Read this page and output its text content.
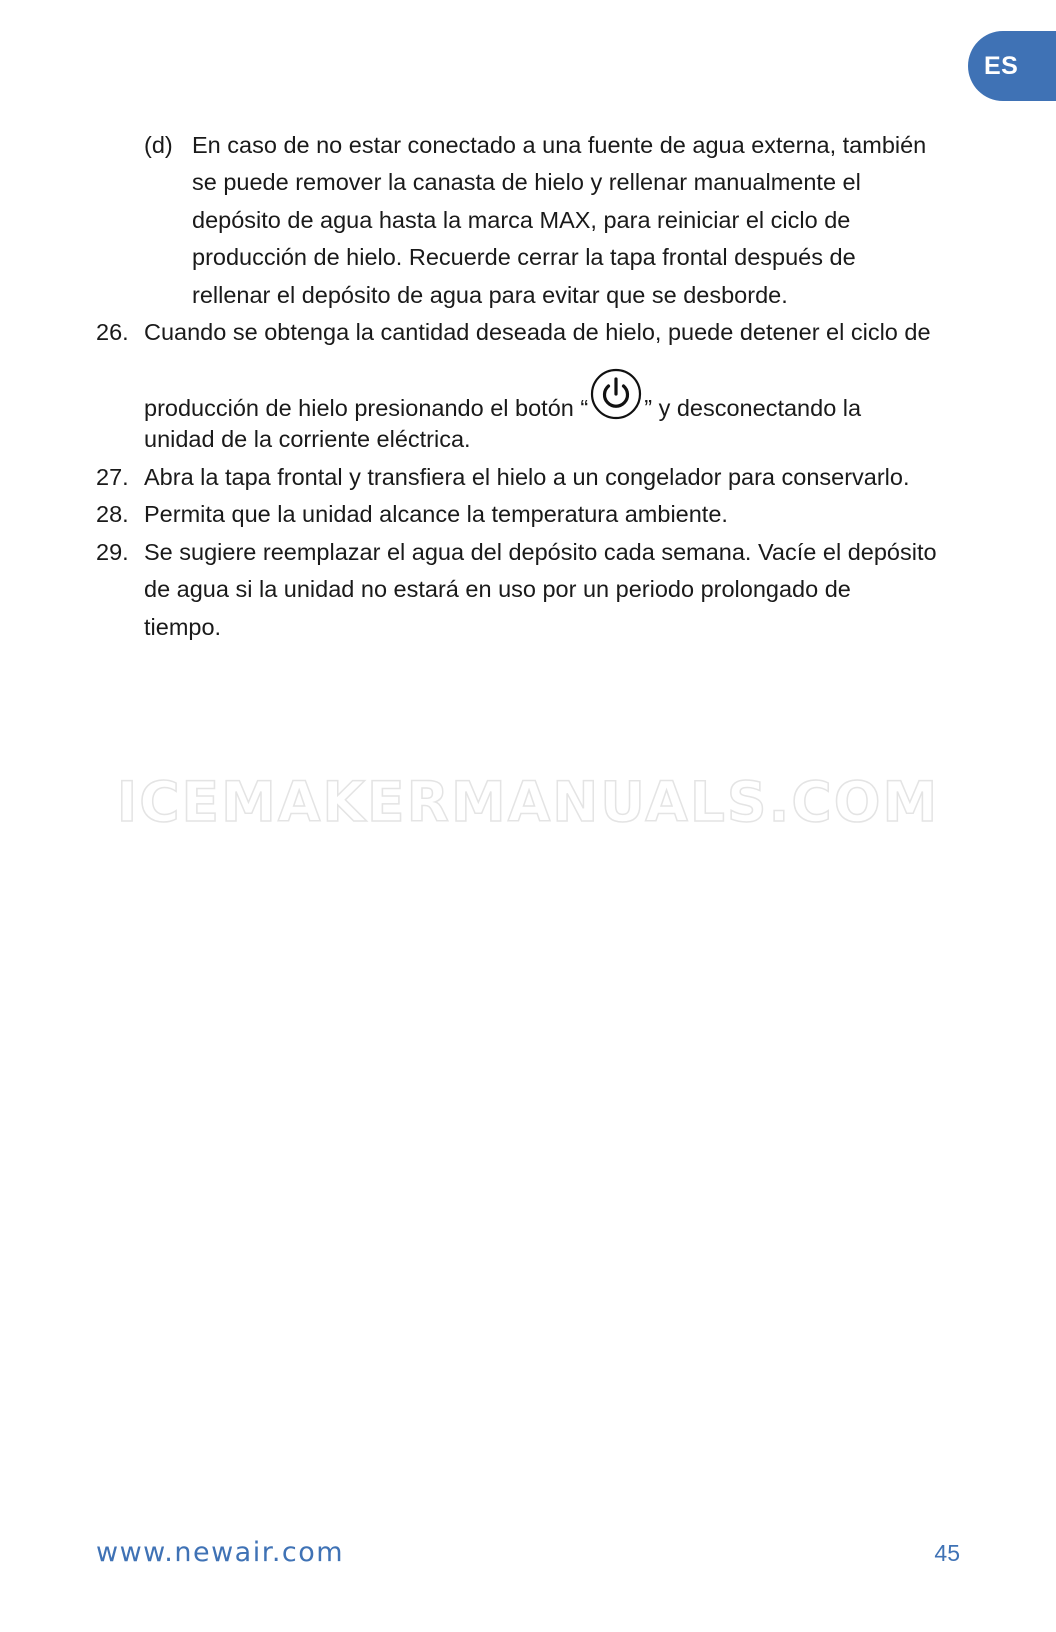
ES
(d) En caso de no estar conectado a una fuente de agua externa, también
se puede remover la canasta de hielo y rellenar manualmente el
depósito de agua hasta la marca MAX, para reiniciar el ciclo de
producción de hielo. Recuerde cerrar la tapa frontal después de
rellenar el depósito de agua para evitar que se desborde.
26. Cuando se obtenga la cantidad deseada de hielo, puede detener el ciclo de
producción de hielo presionando el botón “ ” y desconectando la
unidad de la corriente eléctrica.
27. Abra la tapa frontal y transfiera el hielo a un congelador para conservarlo.
28. Permita que la unidad alcance la temperatura ambiente.
29. Se sugiere reemplazar el agua del depósito cada semana. Vacíe el depósito
de agua si la unidad no estará en uso por un periodo prolongado de
tiempo.
ICEMAKERMANUALS.COM
www.newair.com	45
